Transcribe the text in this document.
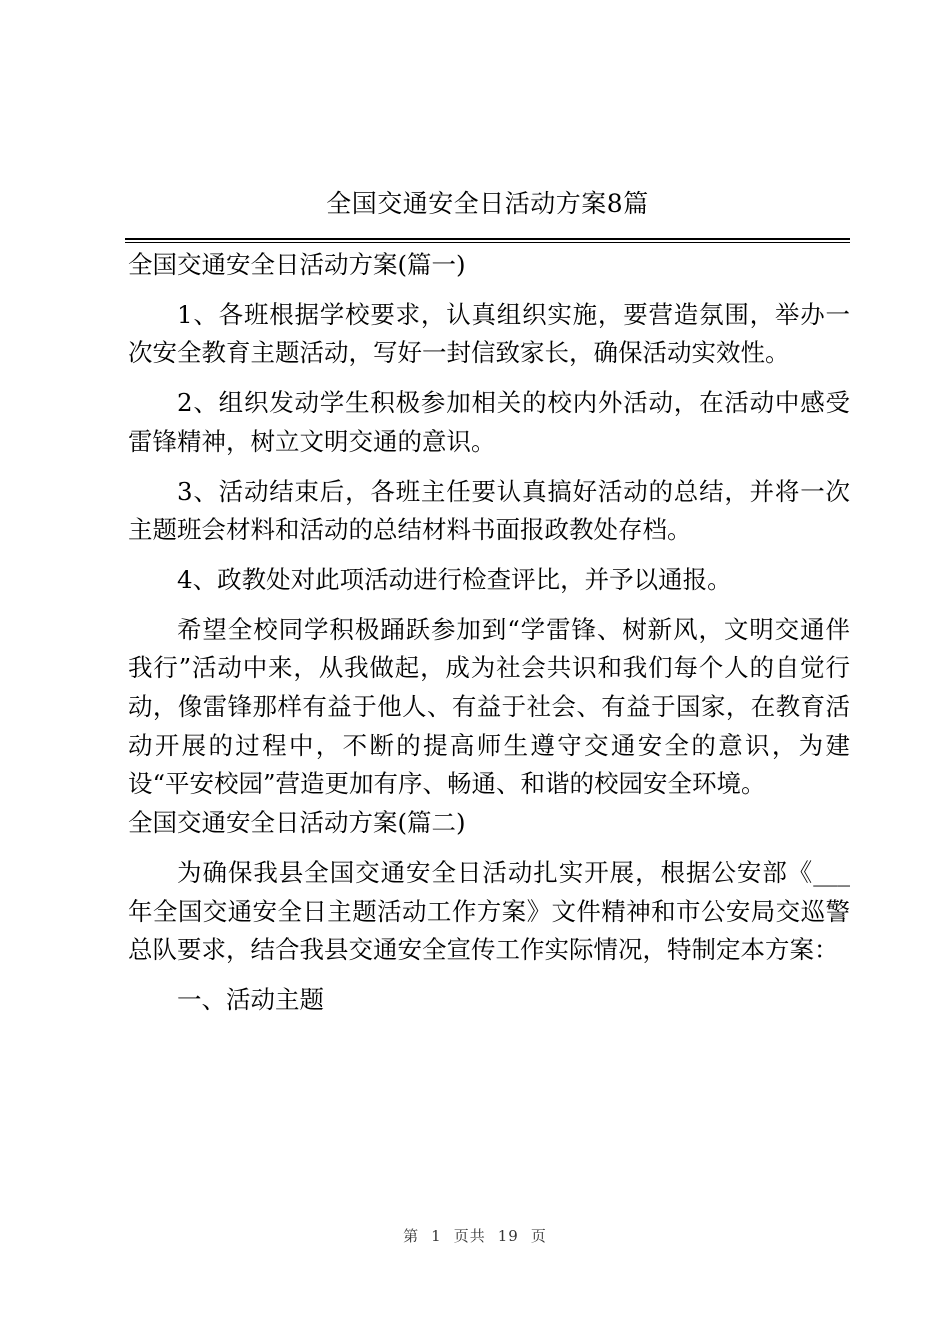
全国交通安全日活动方案8篇

全国交通安全日活动方案(篇一)

1、各班根据学校要求，认真组织实施，要营造氛围，举办一次安全教育主题活动，写好一封信致家长，确保活动实效性。

2、组织发动学生积极参加相关的校内外活动，在活动中感受雷锋精神，树立文明交通的意识。

3、活动结束后，各班主任要认真搞好活动的总结，并将一次主题班会材料和活动的总结材料书面报政教处存档。

4、政教处对此项活动进行检查评比，并予以通报。

希望全校同学积极踊跃参加到“学雷锋、树新风，文明交通伴我行”活动中来，从我做起，成为社会共识和我们每个人的自觉行动，像雷锋那样有益于他人、有益于社会、有益于国家，在教育活动开展的过程中，不断的提高师生遵守交通安全的意识，为建设“平安校园”营造更加有序、畅通、和谐的校园安全环境。

全国交通安全日活动方案(篇二)

为确保我县全国交通安全日活动扎实开展，根据公安部《___年全国交通安全日主题活动工作方案》文件精神和市公安局交巡警总队要求，结合我县交通安全宣传工作实际情况，特制定本方案：

一、活动主题

第 1 页共 19 页
